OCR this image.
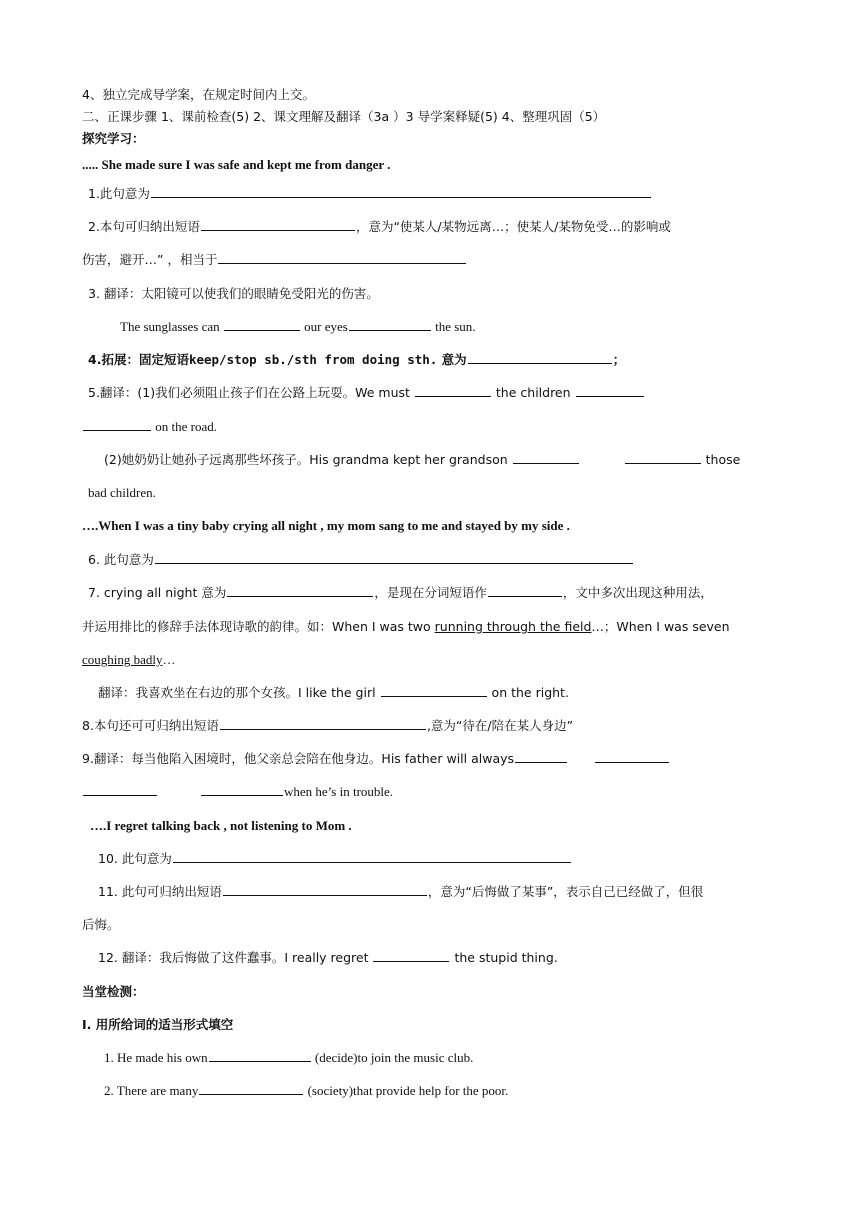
4、独立完成导学案，在规定时间内上交。
二、正课步骤 1、课前检查(5) 2、课文理解及翻译（3a ）3 导学案释疑(5) 4、整理巩固（5）
探究学习：
..... She made sure I was safe and kept me from danger .
1.此句意为
2.本句可归纳出短语	，意为“使某人/某物远离…；使某人/某物免受…的影响或
伤害，避开…” ，相当于
3. 翻译：太阳镜可以使我们的眼睛免受阳光的伤害。
The sunglasses can	our eyes	the sun.
4.拓展：固定短语keep/stop sb./sth from doing sth. 意为	；
5.翻译：(1)我们必须阻止孩子们在公路上玩耍。We must	the children
on the road.
(2)她奶奶让她孙子远离那些坏孩子。His grandma kept her grandson	those
bad children.
….When I was a tiny baby crying all night , my mom sang to me and stayed by my side .
6. 此句意为
7. crying all night 意为	，是现在分词短语作	，文中多次出现这种用法，
并运用排比的修辞手法体现诗歌的韵律。如：When I was two running through the field…；When I was seven
coughing badly…
翻译：我喜欢坐在右边的那个女孩。I like the girl	on the right.
8.本句还可可归纳出短语	,意为“待在/陪在某人身边”
9.翻译：每当他陷入困境时，他父亲总会陪在他身边。His father will always
when he’s in trouble.
….I regret talking back , not listening to Mom .
10. 此句意为
11. 此句可归纳出短语	，意为“后悔做了某事”，表示自己已经做了，但很
后悔。
12. 翻译：我后悔做了这件蠢事。I really regret	the stupid thing.
当堂检测：
Ⅰ. 用所给词的适当形式填空
1. He made his own	(decide)to join the music club.
2. There are many	(society)that provide help for the poor.
